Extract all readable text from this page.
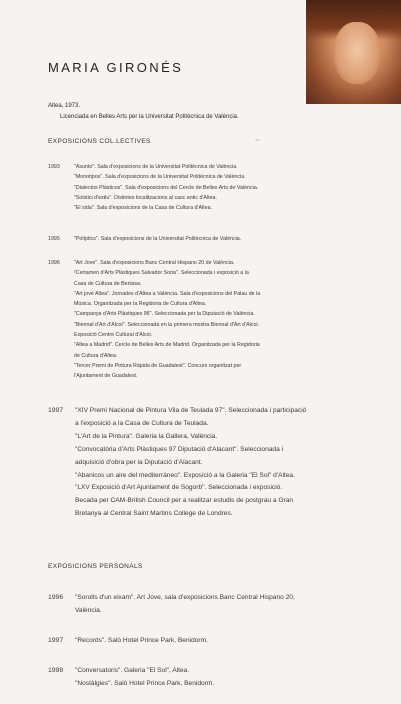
MARIA GIRONÉS
Altea, 1973.
Licenciada en Belles Arts per la Universitat Politècnica de València.
EXPOSICIONS COL.LECTIVES	~
1993	"Asunto". Sala d'exposicions de la Universitat Politècnica de València.
"Monotipos". Sala d'exposicions de la Universitat Politècnica de València.
"Dialectos Plásticos". Sala d'exposicions del Cercle de Belles Arts de València.
"Solstici d'estiu". Distintes localitzacions al casc antic d'Altea.
"El sida". Sala d'exposicions de la Casa de Cultura d'Altea.
1995	"Políptics". Sala d'exposicions de la Universitat Politècnica de València.
1996	"Art Jove". Sala d'exposicions Banc Central Hispano 20 de València.
²Certamen d'Arts Plàstiques Salvador Soria". Seleccionada i exposició a la
Casa de Cultura de Benissa.
"Art jove Altea". Jornades d'Altea a València. Sala d'exposicions del Palau de la
Música. Organitzada per la Regidoria de Cultura d'Altea.
"Campanya d'Arts Plàstiques 96". Seleccionada per la Diputació de València.
"Biennal d'Art d'Alcoi". Seleccionada en la primera mostra Biennal d'Art d'Alcoi.
Exposició Centre Cultural d'Alcoi.
"Altea a Madrid". Cercle de Belles Arts de Madrid. Organitzada per la Regidoria
de Cultura d'Altea.
"Tercer Premi de Pintura Ràpida de Guadalest". Concurs organitzat per
l'Ajuntament de Guadalest.
1997	"XIV Premi Nacional de Pintura Vila de Teulada 97". Seleccionada i participació
a l'exposició a la Casa de Cultura de Teulada.
"L'Art de la Pintura". Galeria la Gallera, València.
"Convocatòria d'Arts Plàstiques 97 Diputació d'Alacant". Seleccionada i
adquisició d'obra per la Diputació d'Alacant.
"Abanicos un aire del mediterráneo". Exposició a la Galeria "El Sol" d'Altea.
"LXV Exposició d'Art Ajuntament de Sogorb". Seleccionada i exposició.
Becada per CAM-British Council per a realitzar estudis de postgrau a Gran
Bretanya al Central Saint Martins College de Londres.
EXPOSICIONS PERSONALS
1996	"Sorolls d'un eixam". Art Jove, sala d'exposicions Banc Central Hispano 20,
València.
1997	"Records". Saló Hotel Prince Park, Benidorm.
1998	"Conversatoris". Galeria "El Sol", Altea.
"Nostàlgies". Saló Hotel Prince Park, Benidorm.
